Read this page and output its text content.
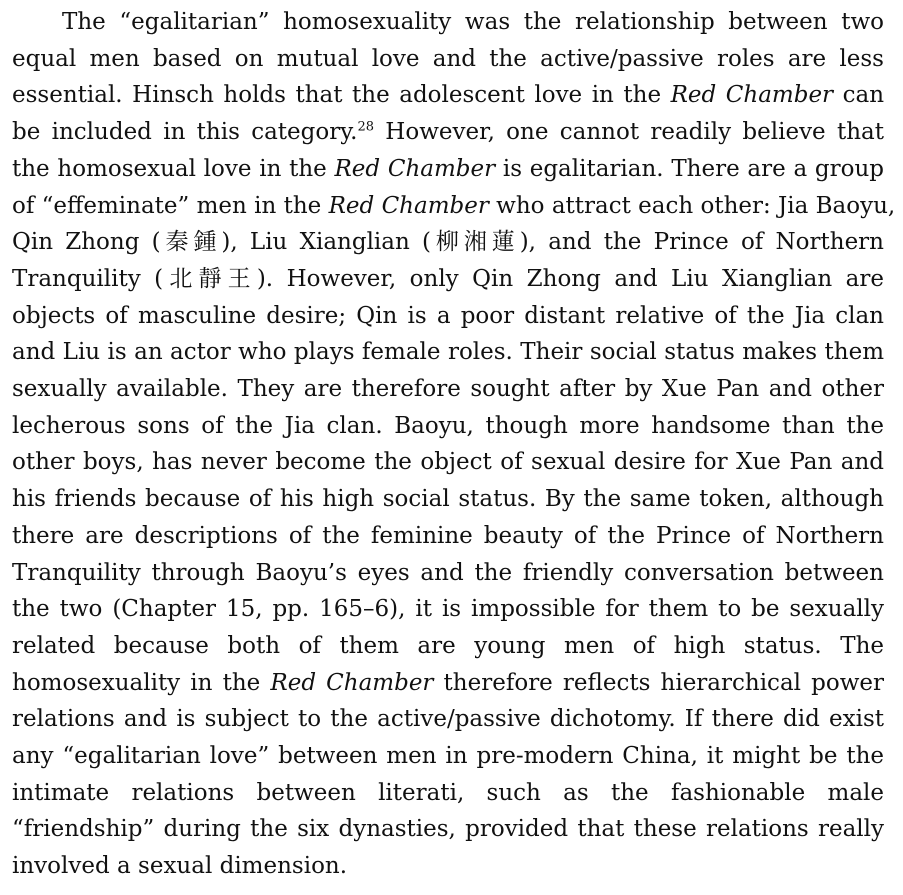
The “egalitarian” homosexuality was the relationship between two
equal men based on mutual love and the active/passive roles are less
essential. Hinsch holds that the adolescent love in the Red Chamber can
be included in this category.$^{28}$ However, one cannot readily believe that
the homosexual love in the Red Chamber is egalitarian. There are a group
of “effeminate” men in the Red Chamber who attract each other: Jia Baoyu,
Qin Zhong (秦鍾), Liu Xianglian (柳湘蓮), and the Prince of Northern
Tranquility (北靜王). However, only Qin Zhong and Liu Xianglian are
objects of masculine desire; Qin is a poor distant relative of the Jia clan
and Liu is an actor who plays female roles. Their social status makes them
sexually available. They are therefore sought after by Xue Pan and other
lecherous sons of the Jia clan. Baoyu, though more handsome than the
other boys, has never become the object of sexual desire for Xue Pan and
his friends because of his high social status. By the same token, although
there are descriptions of the feminine beauty of the Prince of Northern
Tranquility through Baoyu’s eyes and the friendly conversation between
the two (Chapter 15, pp. 165–6), it is impossible for them to be sexually
related because both of them are young men of high status. The
homosexuality in the Red Chamber therefore reflects hierarchical power
relations and is subject to the active/passive dichotomy. If there did exist
any “egalitarian love” between men in pre-modern China, it might be the
intimate relations between literati, such as the fashionable male
“friendship” during the six dynasties, provided that these relations really
involved a sexual dimension.
